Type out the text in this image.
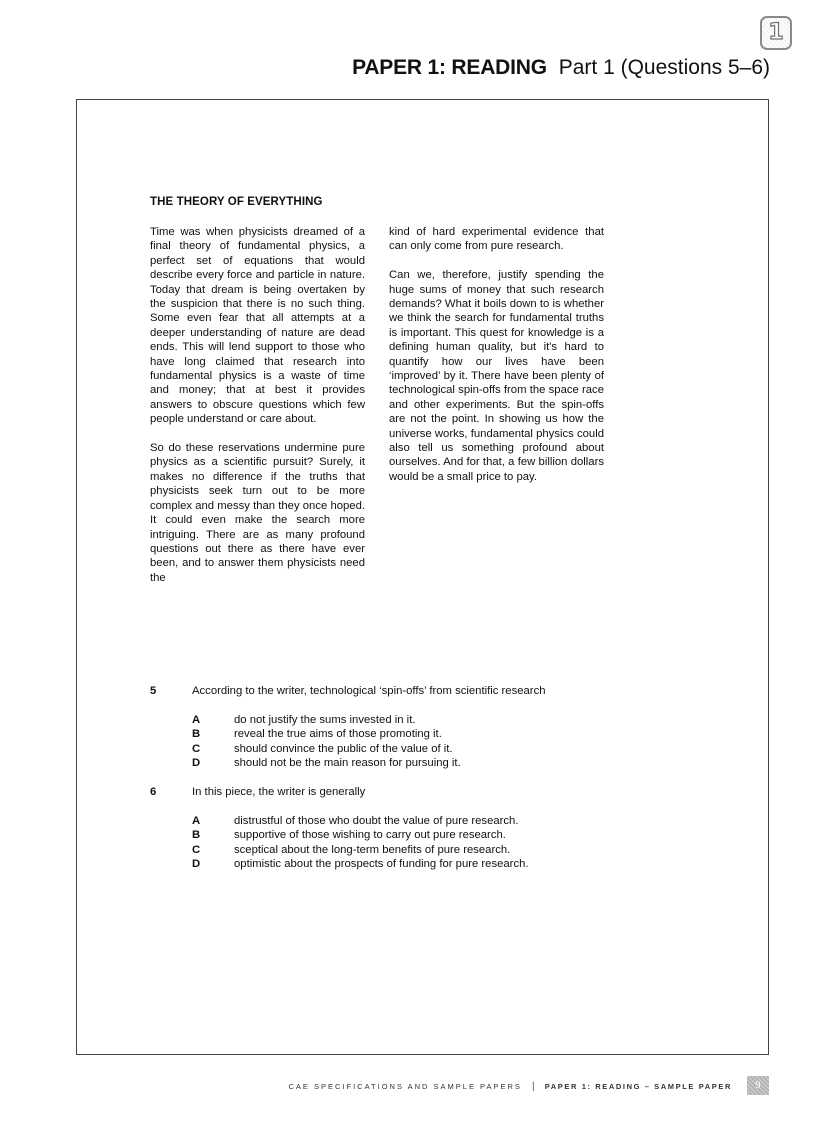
1
PAPER 1: READING Part 1 (Questions 5–6)
THE THEORY OF EVERYTHING

Time was when physicists dreamed of a final theory of fundamental physics, a perfect set of equations that would describe every force and particle in nature. Today that dream is being overtaken by the suspicion that there is no such thing. Some even fear that all attempts at a deeper understanding of nature are dead ends. This will lend support to those who have long claimed that research into fundamental physics is a waste of time and money; that at best it provides answers to obscure questions which few people understand or care about.

So do these reservations undermine pure physics as a scientific pursuit? Surely, it makes no difference if the truths that physicists seek turn out to be more complex and messy than they once hoped. It could even make the search more intriguing. There are as many profound questions out there as there have ever been, and to answer them physicists need the

kind of hard experimental evidence that can only come from pure research.

Can we, therefore, justify spending the huge sums of money that such research demands? What it boils down to is whether we think the search for fundamental truths is important. This quest for knowledge is a defining human quality, but it's hard to quantify how our lives have been ‘improved’ by it. There have been plenty of technological spin-offs from the space race and other experiments. But the spin-offs are not the point. In showing us how the universe works, fundamental physics could also tell us something profound about ourselves. And for that, a few billion dollars would be a small price to pay.

5	According to the writer, technological ‘spin-offs’ from scientific research
A	do not justify the sums invested in it.
B	reveal the true aims of those promoting it.
C	should convince the public of the value of it.
D	should not be the main reason for pursuing it.
6	In this piece, the writer is generally
A	distrustful of those who doubt the value of pure research.
B	supportive of those wishing to carry out pure research.
C	sceptical about the long-term benefits of pure research.
D	optimistic about the prospects of funding for pure research.
CAE SPECIFICATIONS AND SAMPLE PAPERS | PAPER 1: READING – SAMPLE PAPER 9
